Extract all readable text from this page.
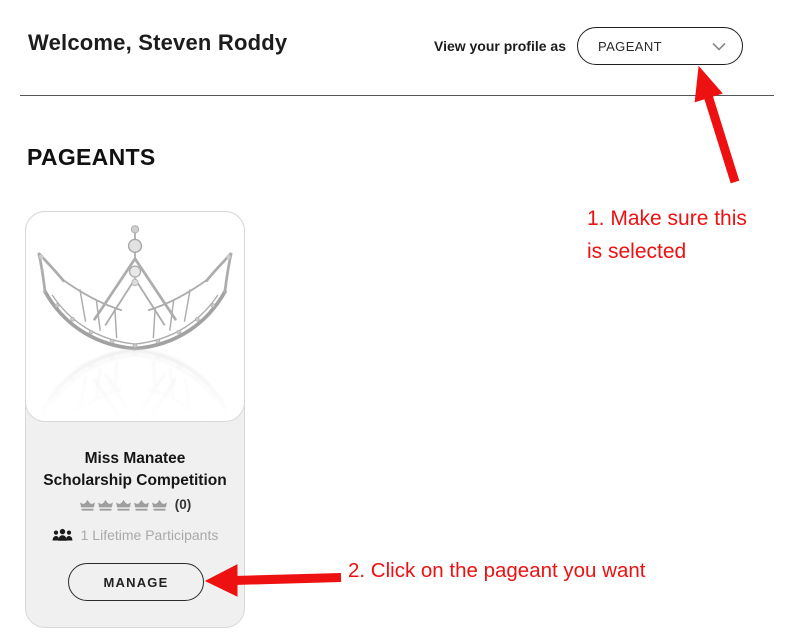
Welcome, Steven Roddy	View your profile as PAGEANT
PAGEANTS
Miss Manatee
Scholarship Competition
(0)
1 Lifetime Participants
MANAGE
1. Make sure this
is selected
2. Click on the pageant you want
